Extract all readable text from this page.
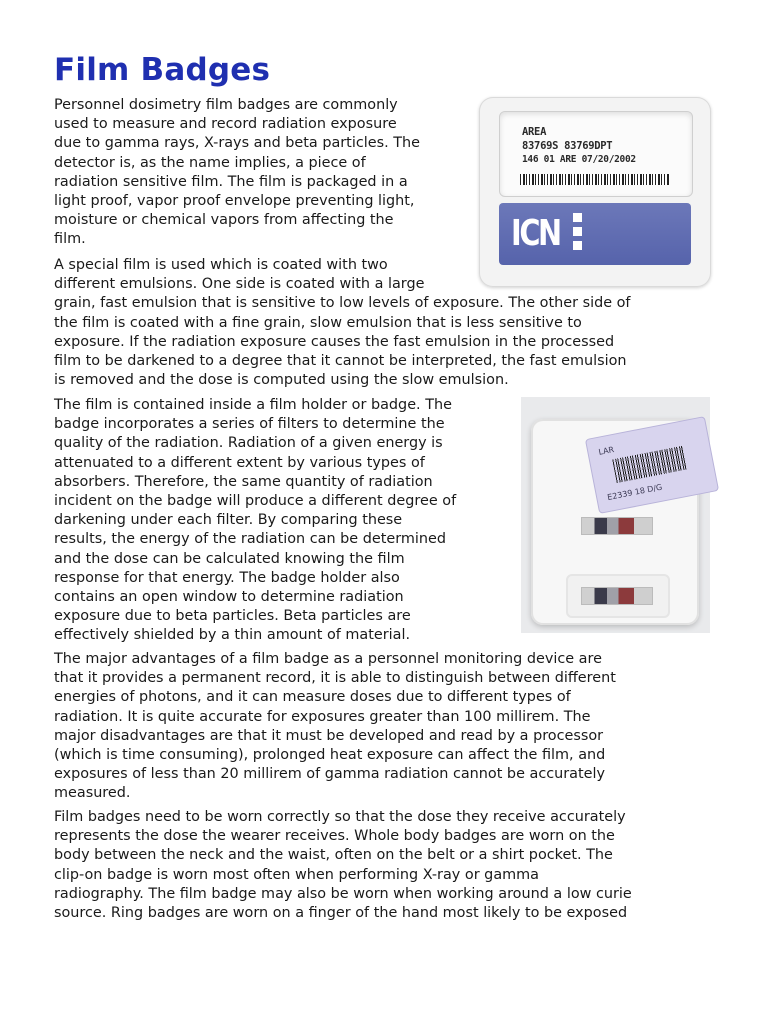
Film Badges

Personnel dosimetry film badges are commonly
used to measure and record radiation exposure
due to gamma rays, X-rays and beta particles. The
detector is, as the name implies, a piece of
radiation sensitive film. The film is packaged in a
light proof, vapor proof envelope preventing light,
moisture or chemical vapors from affecting the
film.

AREA
83769S 83769DPT
146 01 ARE 07/20/2002
ICN

A special film is used which is coated with two
different emulsions. One side is coated with a large
grain, fast emulsion that is sensitive to low levels of exposure. The other side of
the film is coated with a fine grain, slow emulsion that is less sensitive to
exposure. If the radiation exposure causes the fast emulsion in the processed
film to be darkened to a degree that it cannot be interpreted, the fast emulsion
is removed and the dose is computed using the slow emulsion.

The film is contained inside a film holder or badge. The
badge incorporates a series of filters to determine the
quality of the radiation. Radiation of a given energy is
attenuated to a different extent by various types of
absorbers. Therefore, the same quantity of radiation
incident on the badge will produce a different degree of
darkening under each filter. By comparing these
results, the energy of the radiation can be determined
and the dose can be calculated knowing the film
response for that energy. The badge holder also
contains an open window to determine radiation
exposure due to beta particles. Beta particles are
effectively shielded by a thin amount of material.

LAR
E2339 18 D/G

The major advantages of a film badge as a personnel monitoring device are
that it provides a permanent record, it is able to distinguish between different
energies of photons, and it can measure doses due to different types of
radiation. It is quite accurate for exposures greater than 100 millirem. The
major disadvantages are that it must be developed and read by a processor
(which is time consuming), prolonged heat exposure can affect the film, and
exposures of less than 20 millirem of gamma radiation cannot be accurately
measured.

Film badges need to be worn correctly so that the dose they receive accurately
represents the dose the wearer receives. Whole body badges are worn on the
body between the neck and the waist, often on the belt or a shirt pocket. The
clip-on badge is worn most often when performing X-ray or gamma
radiography. The film badge may also be worn when working around a low curie
source. Ring badges are worn on a finger of the hand most likely to be exposed
